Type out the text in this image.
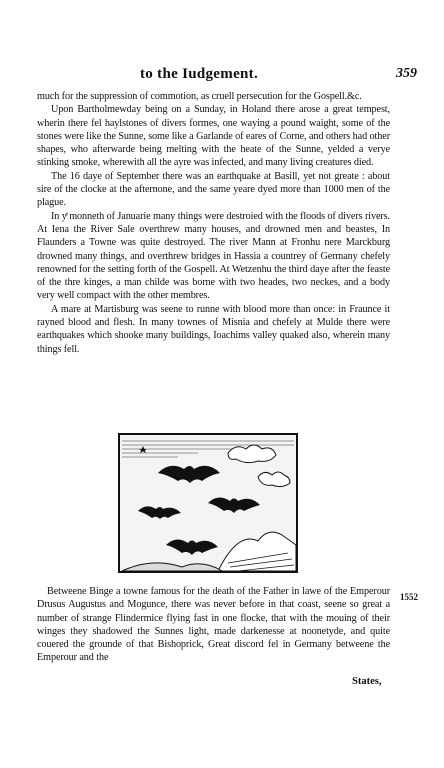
to the Iudgement.	359

much for the suppression of commotion, as cruell persecution for the Gospell.&c.

Upon Bartholmewday being on a Sunday, in Holand there arose a great tempest, wherin there fel haylstones of divers formes, one waying a pound waight, some of the stones were like the Sunne, some like a Garlande of eares of Corne, and others had other shapes, who afterwarde being melting with the heate of the Sunne, yelded a verye stinking smoke, wherewith all the ayre was infected, and many living creatures died.

The 16 daye of September there was an earthquake at Basill, yet not greate : about sire of the clocke at the afternone, and the same yeare dyed more than 1000 men of the plague.

In yͤ monneth of Januarie many things were destroied with the floods of divers rivers. At Iena the River Sale overthrew many houses, and drowned men and beastes, In Flaunders a Towne was quite destroyed. The river Mann at Fronhu nere Marckburg drowned many things, and overthrew bridges in Hassia a countrey of Germany chefely renowned for the setting forth of the Gospell. At Wetzenhu the third daye after the feaste of the thre kinges, a man childe was borne with two heades, two neckes, and a body very well compact with the other membres.

A mare at Martisburg was seene to runne with blood more than once: in Fraunce it rayned blood and flesh. In many townes of Misnia and chefely at Mulde there were earthquakes which shooke many buildings, Ioachims valley quaked also, wherein many things fell.

Betweene Binge a towne famous for the death of the Father in lawe of the Emperour Drusus Augustus and Mogunce, there was never before in that coast, seene so great a number of strange Flindermice flying fast in one flocke, that with the mouing of their winges they shadowed the Sunnes light, made darkenesse at noonetyde, and quite couered the grounde of that Bishoprick, Great discord fel in Germany betweene the Emperour and the

1552
States,
